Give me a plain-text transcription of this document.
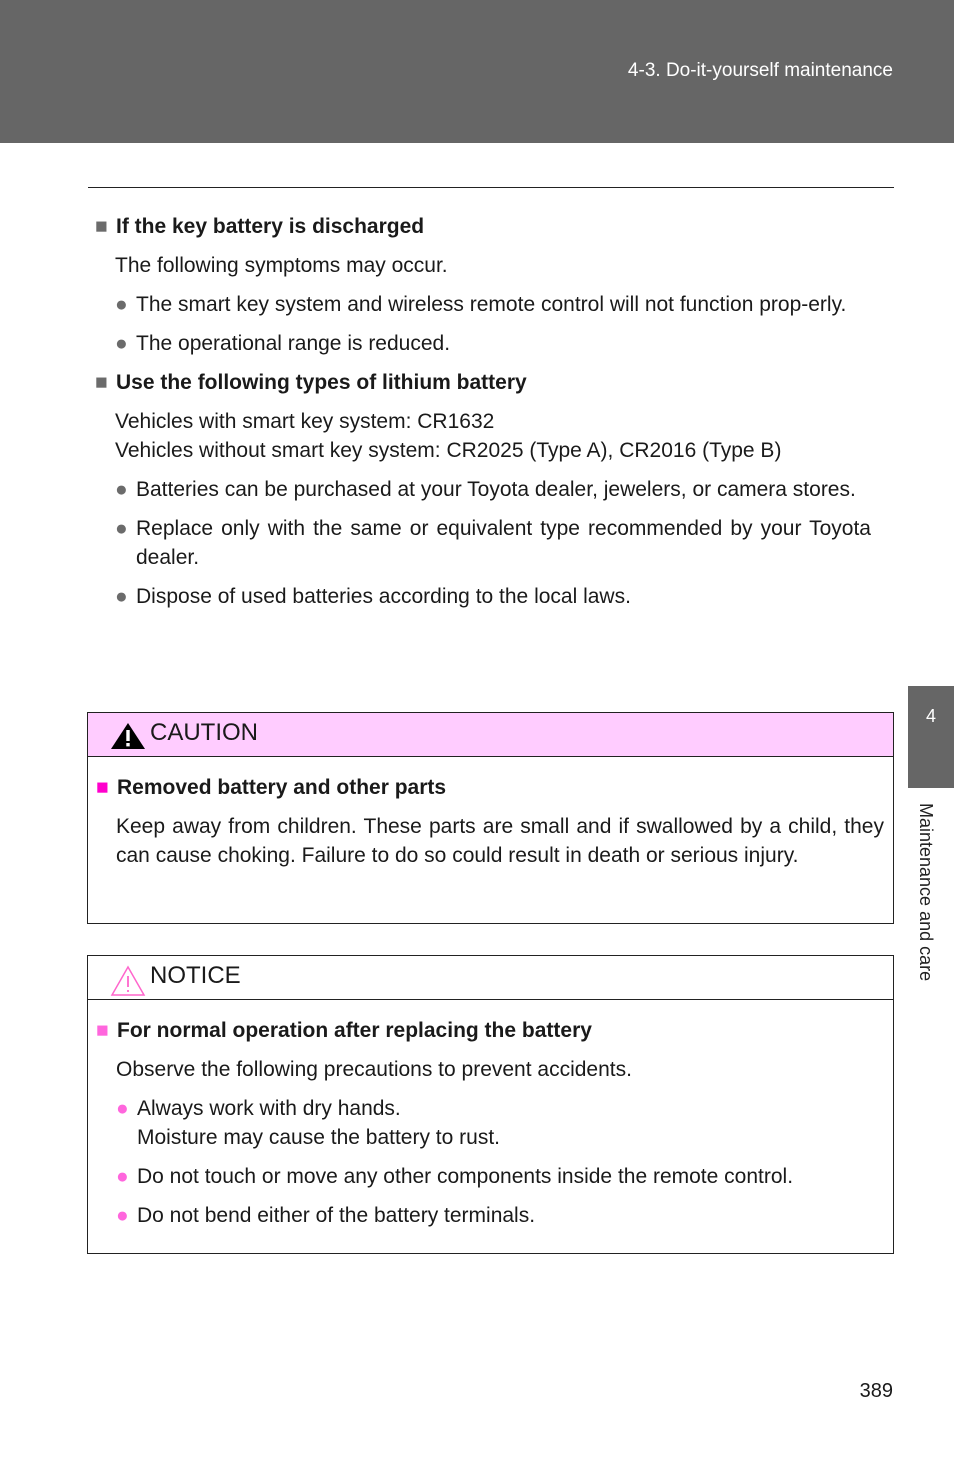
4-3. Do-it-yourself maintenance
■ If the key battery is discharged
The following symptoms may occur.
● The smart key system and wireless remote control will not function prop-erly.
● The operational range is reduced.
■ Use the following types of lithium battery
Vehicles with smart key system: CR1632
Vehicles without smart key system: CR2025 (Type A), CR2016 (Type B)
● Batteries can be purchased at your Toyota dealer, jewelers, or camera stores.
● Replace only with the same or equivalent type recommended by your Toyota dealer.
● Dispose of used batteries according to the local laws.
CAUTION
■ Removed battery and other parts
Keep away from children. These parts are small and if swallowed by a child, they can cause choking. Failure to do so could result in death or serious injury.
NOTICE
■ For normal operation after replacing the battery
Observe the following precautions to prevent accidents.
● Always work with dry hands.
Moisture may cause the battery to rust.
● Do not touch or move any other components inside the remote control.
● Do not bend either of the battery terminals.
4
Maintenance and care
389
